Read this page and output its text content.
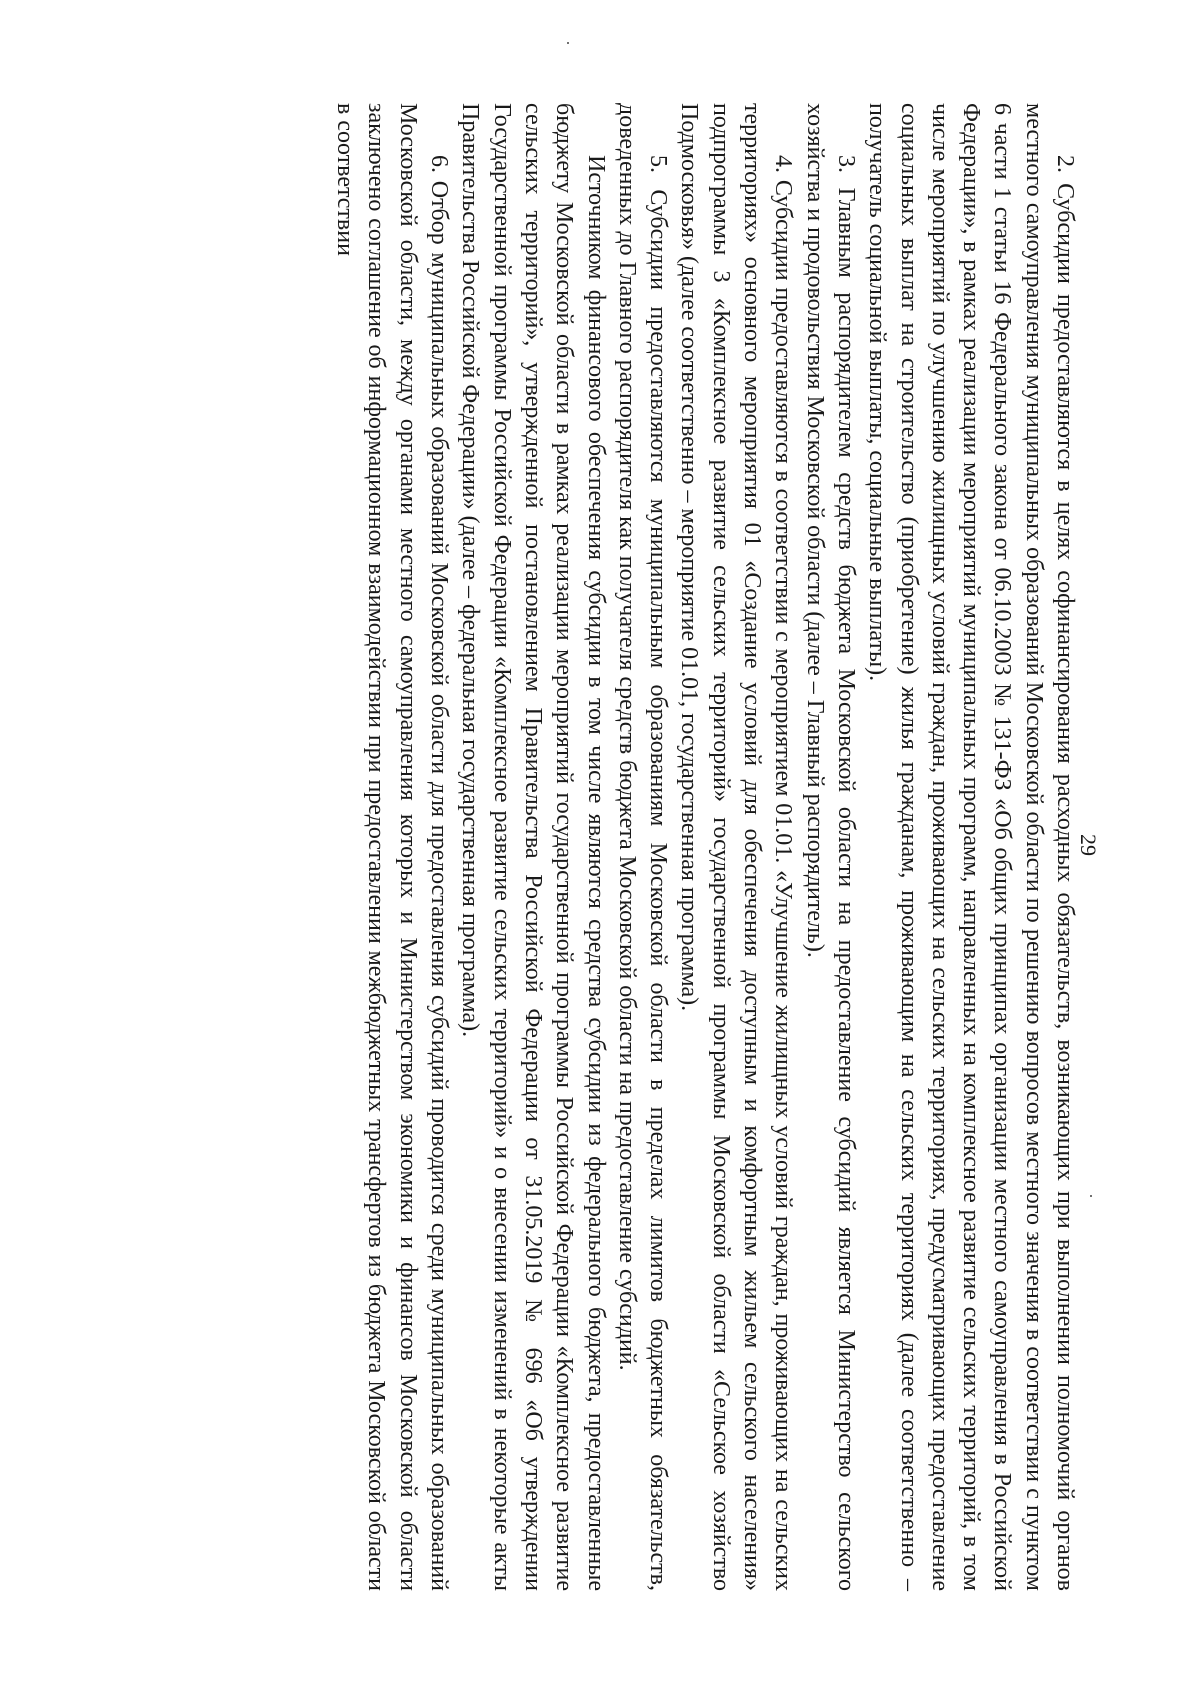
29

2. Субсидии предоставляются в целях софинансирования расходных обязательств, возникающих при выполнении полномочий органов местного самоуправления муниципальных образований Московской области по решению вопросов местного значения в соответствии с пунктом 6 части 1 статьи 16 Федерального закона от 06.10.2003 № 131-ФЗ «Об общих принципах организации местного самоуправления в Российской Федерации», в рамках реализации мероприятий муниципальных программ, направленных на комплексное развитие сельских территорий, в том числе мероприятий по улучшению жилищных условий граждан, проживающих на сельских территориях, предусматривающих предоставление социальных выплат на строительство (приобретение) жилья гражданам, проживающим на сельских территориях (далее соответственно – получатель социальной выплаты, социальные выплаты).

3. Главным распорядителем средств бюджета Московской области на предоставление субсидий является Министерство сельского хозяйства и продовольствия Московской области (далее – Главный распорядитель).

4. Субсидии предоставляются в соответствии с мероприятием 01.01. «Улучшение жилищных условий граждан, проживающих на сельских территориях» основного мероприятия 01 «Создание условий для обеспечения доступным и комфортным жильем сельского населения» подпрограммы 3 «Комплексное развитие сельских территорий» государственной программы Московской области «Сельское хозяйство Подмосковья» (далее соответственно – мероприятие 01.01, государственная программа).

5. Субсидии предоставляются муниципальным образованиям Московской области в пределах лимитов бюджетных обязательств, доведенных до Главного распорядителя как получателя средств бюджета Московской области на предоставление субсидий.

Источником финансового обеспечения субсидии в том числе являются средства субсидии из федерального бюджета, предоставленные бюджету Московской области в рамках реализации мероприятий государственной программы Российской Федерации «Комплексное развитие сельских территорий», утвержденной постановлением Правительства Российской Федерации от 31.05.2019 № 696 «Об утверждении Государственной программы Российской Федерации «Комплексное развитие сельских территорий» и о внесении изменений в некоторые акты Правительства Российской Федерации» (далее – федеральная государственная программа).

6. Отбор муниципальных образований Московской области для предоставления субсидий проводится среди муниципальных образований Московской области, между органами местного самоуправления которых и Министерством экономики и финансов Московской области заключено соглашение об информационном взаимодействии при предоставлении межбюджетных трансфертов из бюджета Московской области в соответствии
